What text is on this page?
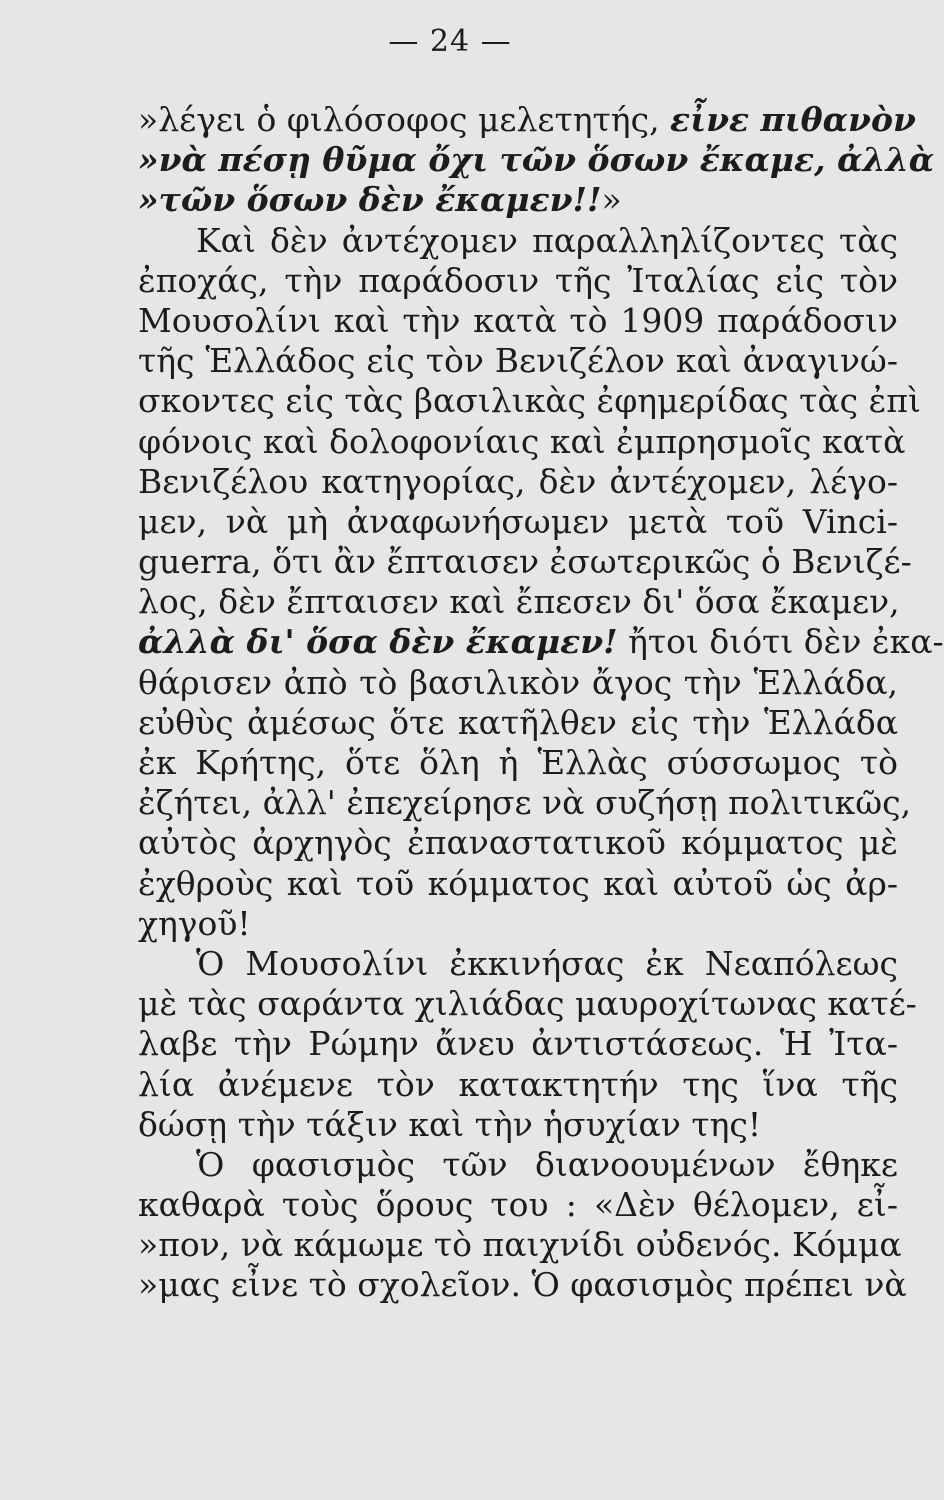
— 24 —
»λέγει ὁ φιλόσοφος μελετητής, εἶνε πιθανὸν
»νὰ πέσῃ θῦμα ὄχι τῶν ὅσων ἔκαμε, ἀλλὰ
»τῶν ὅσων δὲν ἔκαμεν!!»
Καὶ δὲν ἀντέχομεν παραλληλίζοντες τὰς
ἐποχάς, τὴν παράδοσιν τῆς Ἰταλίας εἰς τὸν
Μουσολίνι καὶ τὴν κατὰ τὸ 1909 παράδοσιν
τῆς Ἑλλάδος εἰς τὸν Βενιζέλον καὶ ἀναγινώ-
σκοντες εἰς τὰς βασιλικὰς ἐφημερίδας τὰς ἐπὶ
φόνοις καὶ δολοφονίαις καὶ ἐμπρησμοῖς κατὰ
Βενιζέλου κατηγορίας, δὲν ἀντέχομεν, λέγο-
μεν, νὰ μὴ ἀναφωνήσωμεν μετὰ τοῦ Vinci-
guerra, ὅτι ἂν ἔπταισεν ἐσωτερικῶς ὁ Βενιζέ-
λος, δὲν ἔπταισεν καὶ ἔπεσεν δι' ὅσα ἔκαμεν,
ἀλλὰ δι' ὅσα δὲν ἔκαμεν! ἤτοι διότι δὲν ἐκα-
θάρισεν ἀπὸ τὸ βασιλικὸν ἄγος τὴν Ἑλλάδα,
εὐθὺς ἀμέσως ὅτε κατῆλθεν εἰς τὴν Ἑλλάδα
ἐκ Κρήτης, ὅτε ὅλη ἡ Ἑλλὰς σύσσωμος τὸ
ἐζήτει, ἀλλ' ἐπεχείρησε νὰ συζήσῃ πολιτικῶς,
αὐτὸς ἀρχηγὸς ἐπαναστατικοῦ κόμματος μὲ
ἐχθροὺς καὶ τοῦ κόμματος καὶ αὐτοῦ ὡς ἀρ-
χηγοῦ!
Ὁ Μουσολίνι ἐκκινήσας ἐκ Νεαπόλεως
μὲ τὰς σαράντα χιλιάδας μαυροχίτωνας κατέ-
λαβε τὴν Ρώμην ἄνευ ἀντιστάσεως. Ἡ Ἰτα-
λία ἀνέμενε τὸν κατακτητήν της ἵνα τῆς
δώσῃ τὴν τάξιν καὶ τὴν ἡσυχίαν της!
Ὁ φασισμὸς τῶν διανοουμένων ἔθηκε
καθαρὰ τοὺς ὅρους του : «Δὲν θέλομεν, εἶ-
»πον, νὰ κάμωμε τὸ παιχνίδι οὐδενός. Κόμμα
»μας εἶνε τὸ σχολεῖον. Ὁ φασισμὸς πρέπει νὰ
